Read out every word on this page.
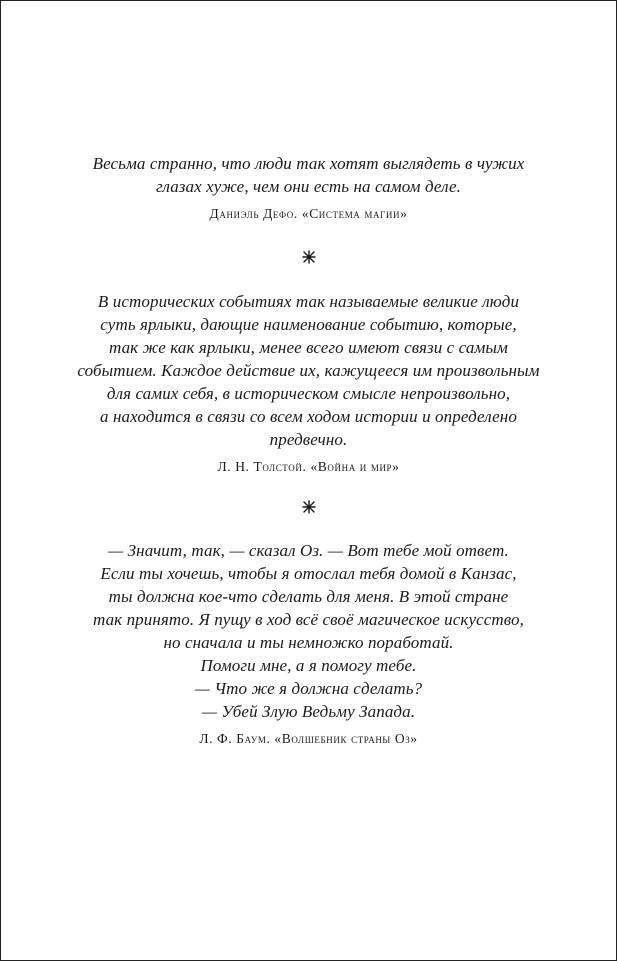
Весьма странно, что люди так хотят выглядеть в чужих
глазах хуже, чем они есть на самом деле.
Даниэль Дефо. «Система магии»
В исторических событиях так называемые великие люди
суть ярлыки, дающие наименование событию, которые,
так же как ярлыки, менее всего имеют связи с самым
событием. Каждое действие их, кажущееся им произвольным
для самих себя, в историческом смысле непроизвольно,
а находится в связи со всем ходом истории и определено
предвечно.
Л. Н. Толстой. «Война и мир»
— Значит, так, — сказал Оз. — Вот тебе мой ответ.
Если ты хочешь, чтобы я отослал тебя домой в Канзас,
ты должна кое-что сделать для меня. В этой стране
так принято. Я пущу в ход всё своё магическое искусство,
но сначала и ты немножко поработай.
Помоги мне, а я помогу тебе.
— Что же я должна сделать?
— Убей Злую Ведьму Запада.
Л. Ф. Баум. «Волшебник страны Оз»
